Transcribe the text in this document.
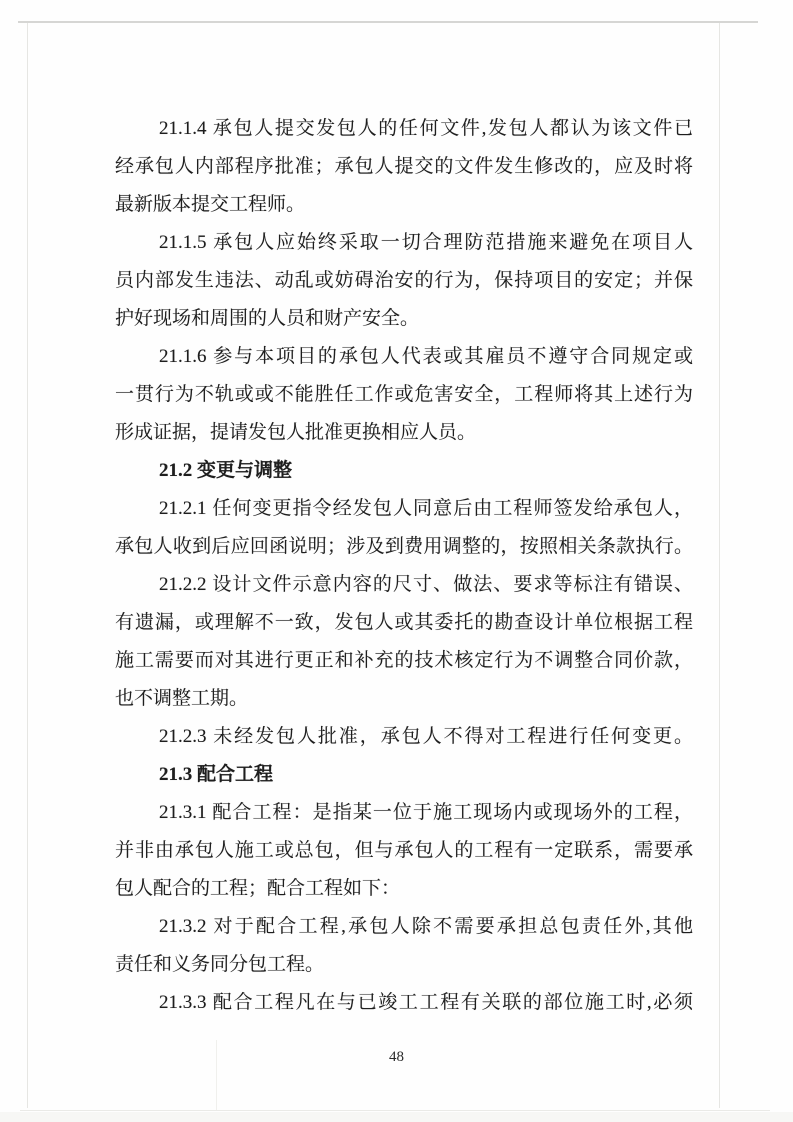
21.1.4 承包人提交发包人的任何文件,发包人都认为该文件已
经承包人内部程序批准；承包人提交的文件发生修改的，应及时将
最新版本提交工程师。
21.1.5 承包人应始终采取一切合理防范措施来避免在项目人
员内部发生违法、动乱或妨碍治安的行为，保持项目的安定；并保
护好现场和周围的人员和财产安全。
21.1.6 参与本项目的承包人代表或其雇员不遵守合同规定或
一贯行为不轨或或不能胜任工作或危害安全，工程师将其上述行为
形成证据，提请发包人批准更换相应人员。
21.2 变更与调整
21.2.1 任何变更指令经发包人同意后由工程师签发给承包人，
承包人收到后应回函说明；涉及到费用调整的，按照相关条款执行。
21.2.2 设计文件示意内容的尺寸、做法、要求等标注有错误、
有遗漏，或理解不一致，发包人或其委托的勘查设计单位根据工程
施工需要而对其进行更正和补充的技术核定行为不调整合同价款，
也不调整工期。
21.2.3 未经发包人批准，承包人不得对工程进行任何变更。
21.3 配合工程
21.3.1 配合工程：是指某一位于施工现场内或现场外的工程，
并非由承包人施工或总包，但与承包人的工程有一定联系，需要承
包人配合的工程；配合工程如下：
21.3.2 对于配合工程,承包人除不需要承担总包责任外,其他
责任和义务同分包工程。
21.3.3 配合工程凡在与已竣工工程有关联的部位施工时,必须
48
